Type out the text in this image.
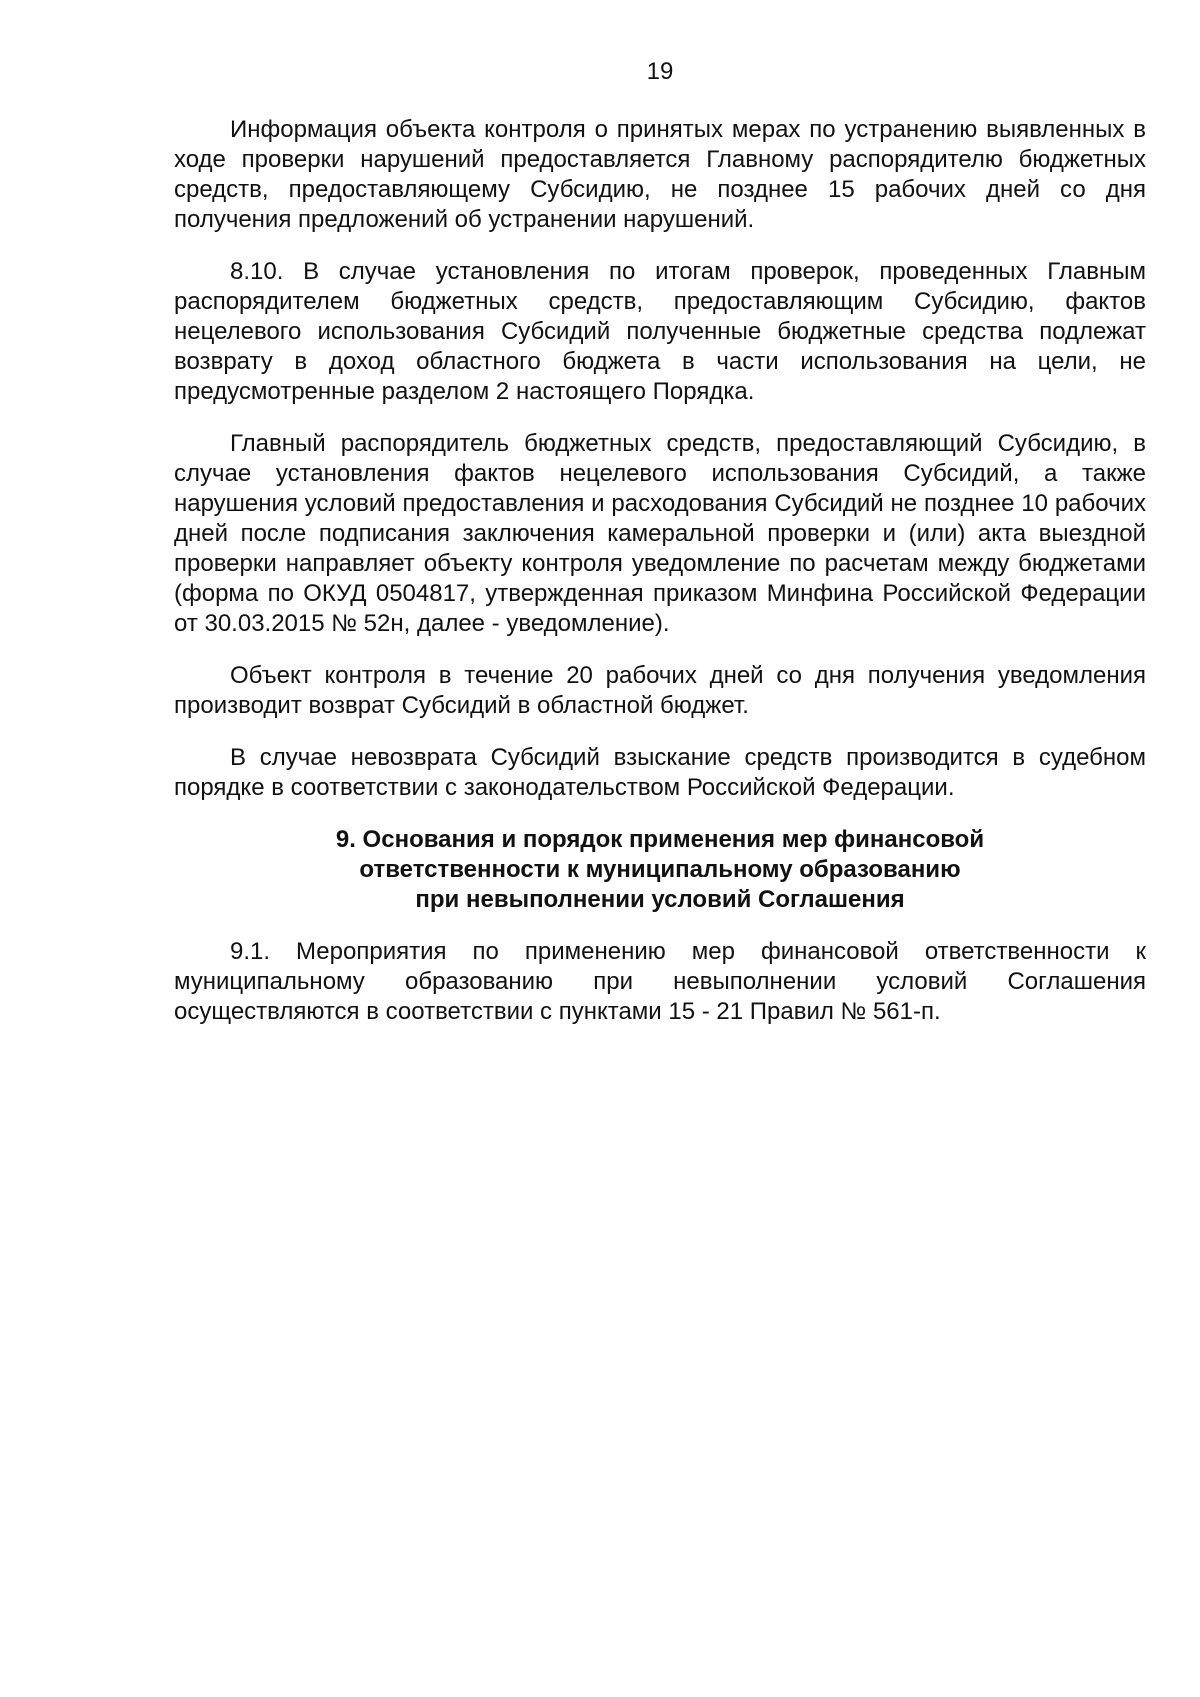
19

Информация объекта контроля о принятых мерах по устранению выявленных в ходе проверки нарушений предоставляется Главному распорядителю бюджетных средств, предоставляющему Субсидию, не позднее 15 рабочих дней со дня получения предложений об устранении нарушений.

8.10. В случае установления по итогам проверок, проведенных Главным распорядителем бюджетных средств, предоставляющим Субсидию, фактов нецелевого использования Субсидий полученные бюджетные средства подлежат возврату в доход областного бюджета в части использования на цели, не предусмотренные разделом 2 настоящего Порядка.

Главный распорядитель бюджетных средств, предоставляющий Субсидию, в случае установления фактов нецелевого использования Субсидий, а также нарушения условий предоставления и расходования Субсидий не позднее 10 рабочих дней после подписания заключения камеральной проверки и (или) акта выездной проверки направляет объекту контроля уведомление по расчетам между бюджетами (форма по ОКУД 0504817, утвержденная приказом Минфина Российской Федерации от 30.03.2015 № 52н, далее - уведомление).

Объект контроля в течение 20 рабочих дней со дня получения уведомления производит возврат Субсидий в областной бюджет.

В случае невозврата Субсидий взыскание средств производится в судебном порядке в соответствии с законодательством Российской Федерации.

9. Основания и порядок применения мер финансовой
ответственности к муниципальному образованию
при невыполнении условий Соглашения

9.1. Мероприятия по применению мер финансовой ответственности к муниципальному образованию при невыполнении условий Соглашения осуществляются в соответствии с пунктами 15 - 21 Правил № 561-п.
